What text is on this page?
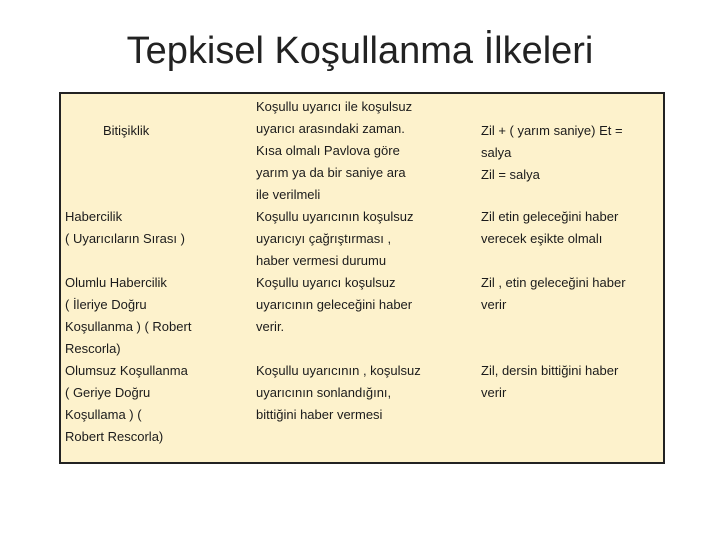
Tepkisel Koşullanma İlkeleri
Bitişiklik
Koşullu uyarıcı ile koşulsuz
uyarıcı arasındaki zaman.
Kısa olmalı Pavlova göre
yarım ya da bir saniye ara
ile verilmeli
Zil + ( yarım saniye) Et =
salya
Zil = salya
Habercilik
( Uyarıcıların Sırası )
Koşullu uyarıcının koşulsuz
uyarıcıyı çağrıştırması ,
haber vermesi durumu
Zil etin geleceğini haber
verecek eşikte olmalı
Olumlu Habercilik
( İleriye Doğru
Koşullanma ) ( Robert
Rescorla)
Koşullu uyarıcı koşulsuz
uyarıcının geleceğini haber
verir.
Zil , etin geleceğini haber
verir
Olumsuz Koşullanma
( Geriye Doğru
Koşullama ) (
Robert Rescorla)
Koşullu uyarıcının , koşulsuz
uyarıcının sonlandığını,
bittiğini haber vermesi
Zil, dersin bittiğini haber
verir
